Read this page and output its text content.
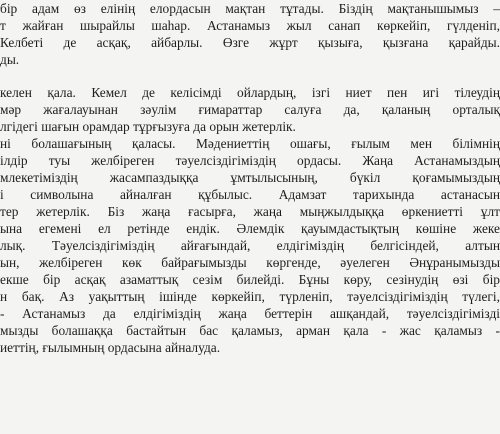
бір адам өз елінің елордасын мақтан тұтады. Біздің мақтанышымыз –
т жайған шырайлы шаһар. Астанамыз жыл санап көркейіп, гүлденіп,
Келбеті де асқақ, айбарлы. Өзге жұрт қызыға, қызғана қарайды.
ды.
келен қала. Кемел де келісімді ойлардың, ізгі ниет пен игі тілеудің
мәр жағалауынан зәулім ғимараттар салуға да, қаланың орталық
лгідегі шағын орамдар тұрғызуға да орын жетерлік.
ні болашағының қаласы. Мәдениеттің ошағы, ғылым мен білімнің
ілдір туы желбіреген тәуелсіздігіміздің ордасы. Жаңа Астанамыздың
млекетіміздің жасампаздыққа ұмтылысының, бүкіл қоғамымыздың
і символына айналған құбылыс. Адамзат тарихында астанасын
тер жетерлік. Біз жаңа ғасырға, жаңа мыңжылдыққа өркениетті ұлт
ына егемені ел ретінде ендік. Әлемдік қауымдастықтың көшіне жеке
лық. Тәуелсіздігіміздің айғағындай, елдігіміздің белгісіндей, алтын
ын, желбіреген көк байрағымызды көргенде, әуелеген Әнұранымызды
екше бір асқақ азаматтық сезім билейді. Бұны көру, сезінудің өзі бір
н бақ. Аз уақыттың ішінде көркейіп, түрленіп, тәуелсіздігіміздің түлегі,
- Астанамыз да елдігіміздің жаңа беттерін ашқандай, тәуелсіздігімізді
мызды болашаққа бастайтын бас қаламыз, арман қала - жас қаламыз -
иеттің, ғылымның ордасына айналуда.
